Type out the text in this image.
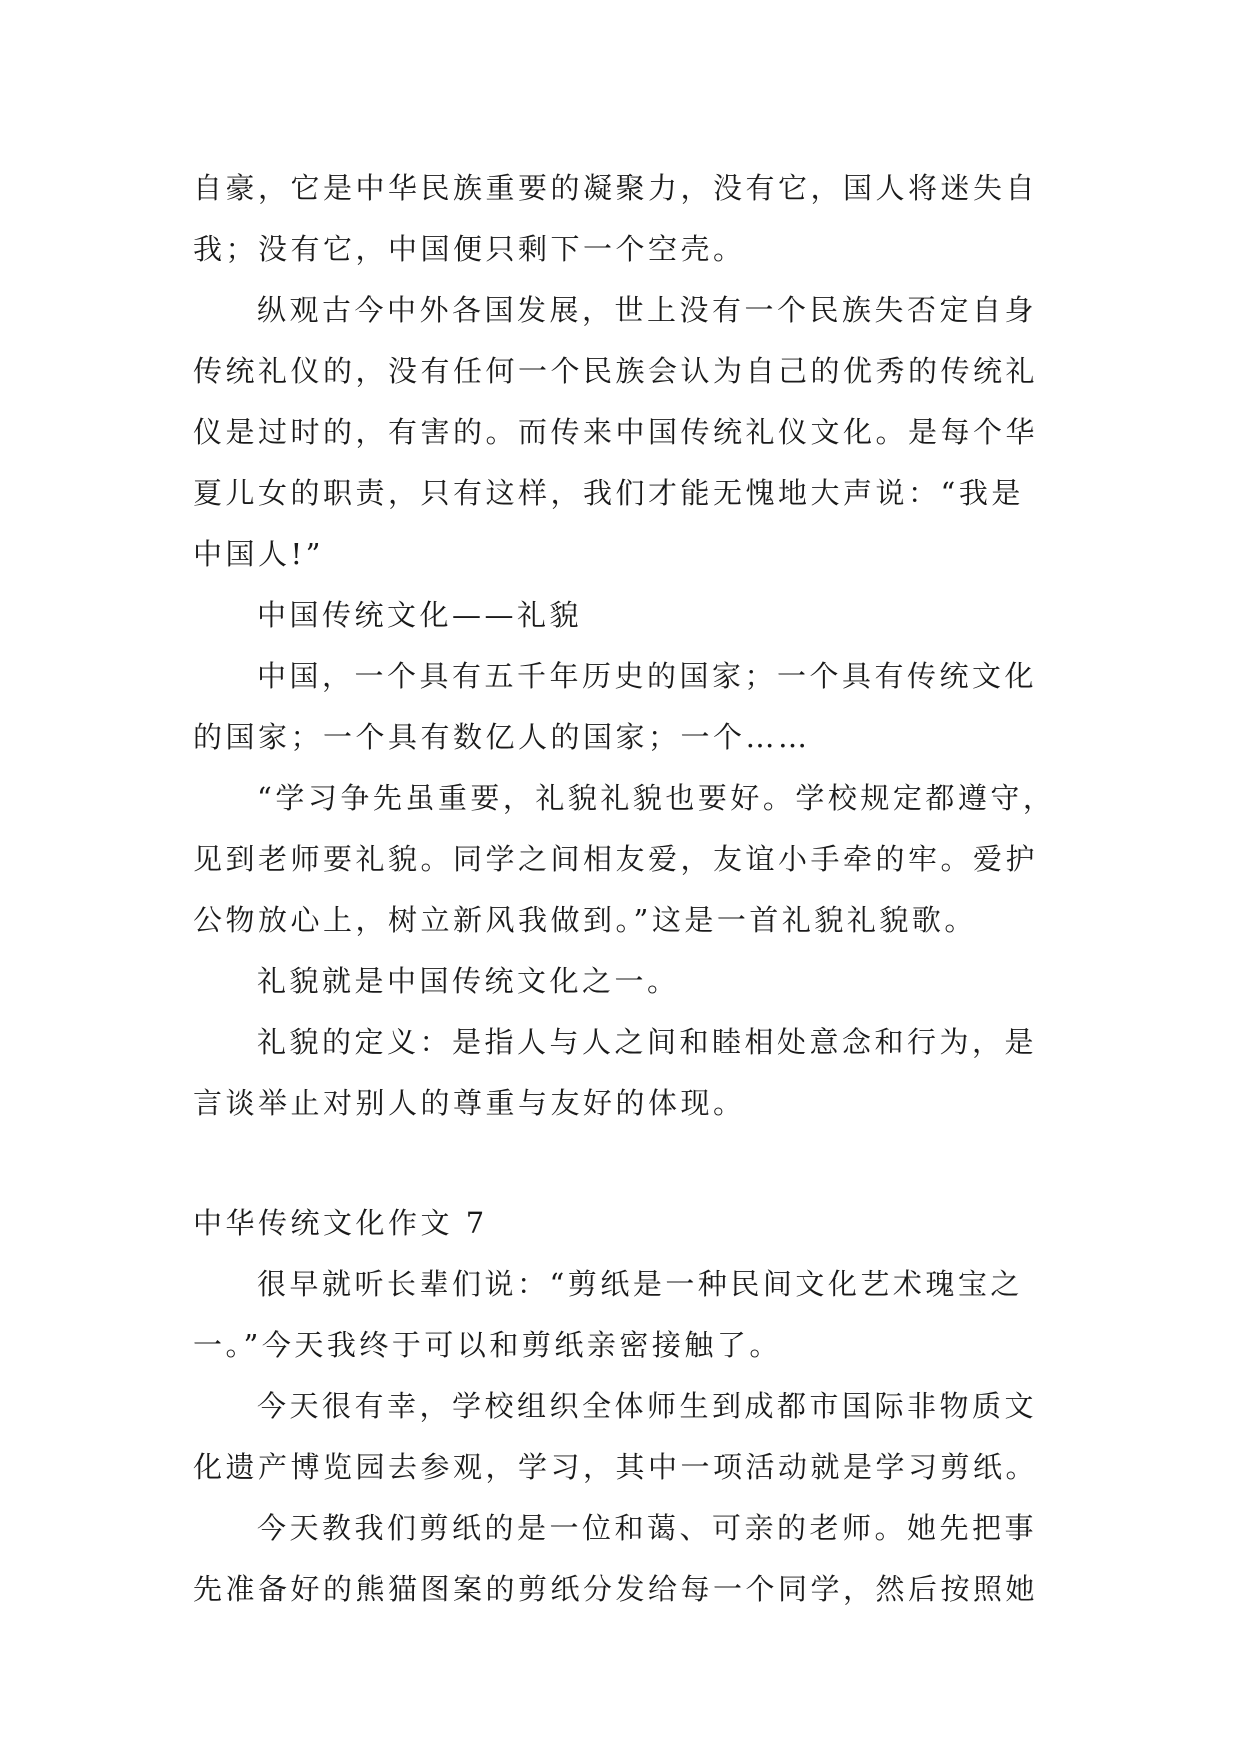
自豪，它是中华民族重要的凝聚力，没有它，国人将迷失自
我；没有它，中国便只剩下一个空壳。
纵观古今中外各国发展，世上没有一个民族失否定自身
传统礼仪的，没有任何一个民族会认为自己的优秀的传统礼
仪是过时的，有害的。而传来中国传统礼仪文化。是每个华
夏儿女的职责，只有这样，我们才能无愧地大声说：“我是
中国人!”
中国传统文化——礼貌
中国，一个具有五千年历史的国家；一个具有传统文化
的国家；一个具有数亿人的国家；一个……
“学习争先虽重要，礼貌礼貌也要好。学校规定都遵守，
见到老师要礼貌。同学之间相友爱，友谊小手牵的牢。爱护
公物放心上，树立新风我做到。”这是一首礼貌礼貌歌。
礼貌就是中国传统文化之一。
礼貌的定义：是指人与人之间和睦相处意念和行为，是
言谈举止对别人的尊重与友好的体现。
中华传统文化作文 7
很早就听长辈们说：“剪纸是一种民间文化艺术瑰宝之
一。”今天我终于可以和剪纸亲密接触了。
今天很有幸，学校组织全体师生到成都市国际非物质文
化遗产博览园去参观，学习，其中一项活动就是学习剪纸。
今天教我们剪纸的是一位和蔼、可亲的老师。她先把事
先准备好的熊猫图案的剪纸分发给每一个同学，然后按照她
